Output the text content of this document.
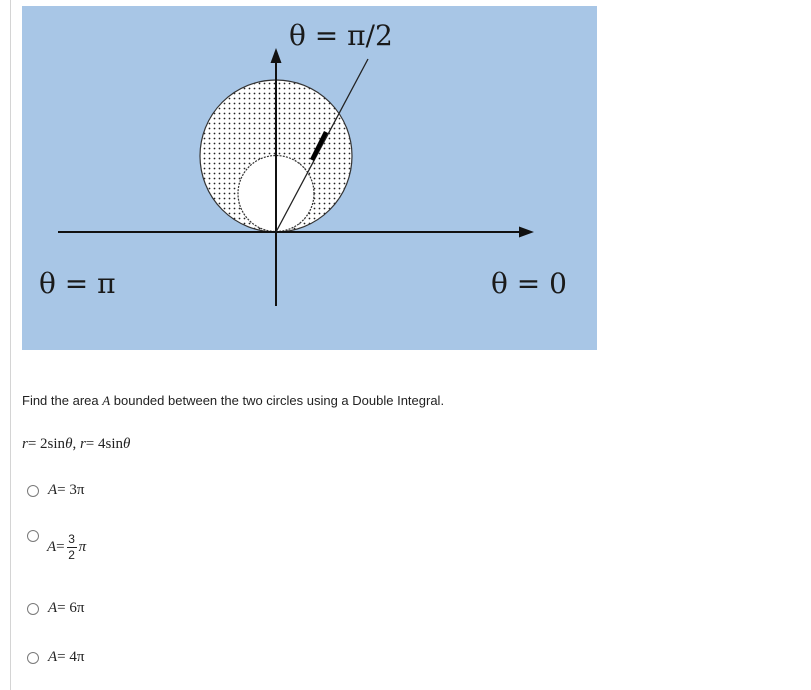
θ = π/2
θ = π	θ = 0
Find the area A bounded between the two circles using a Double Integral.
r= 2sinθ, r= 4sinθ
A = 3π
$A = \frac{3}{2}$ π
A = 6π
A = 4π
